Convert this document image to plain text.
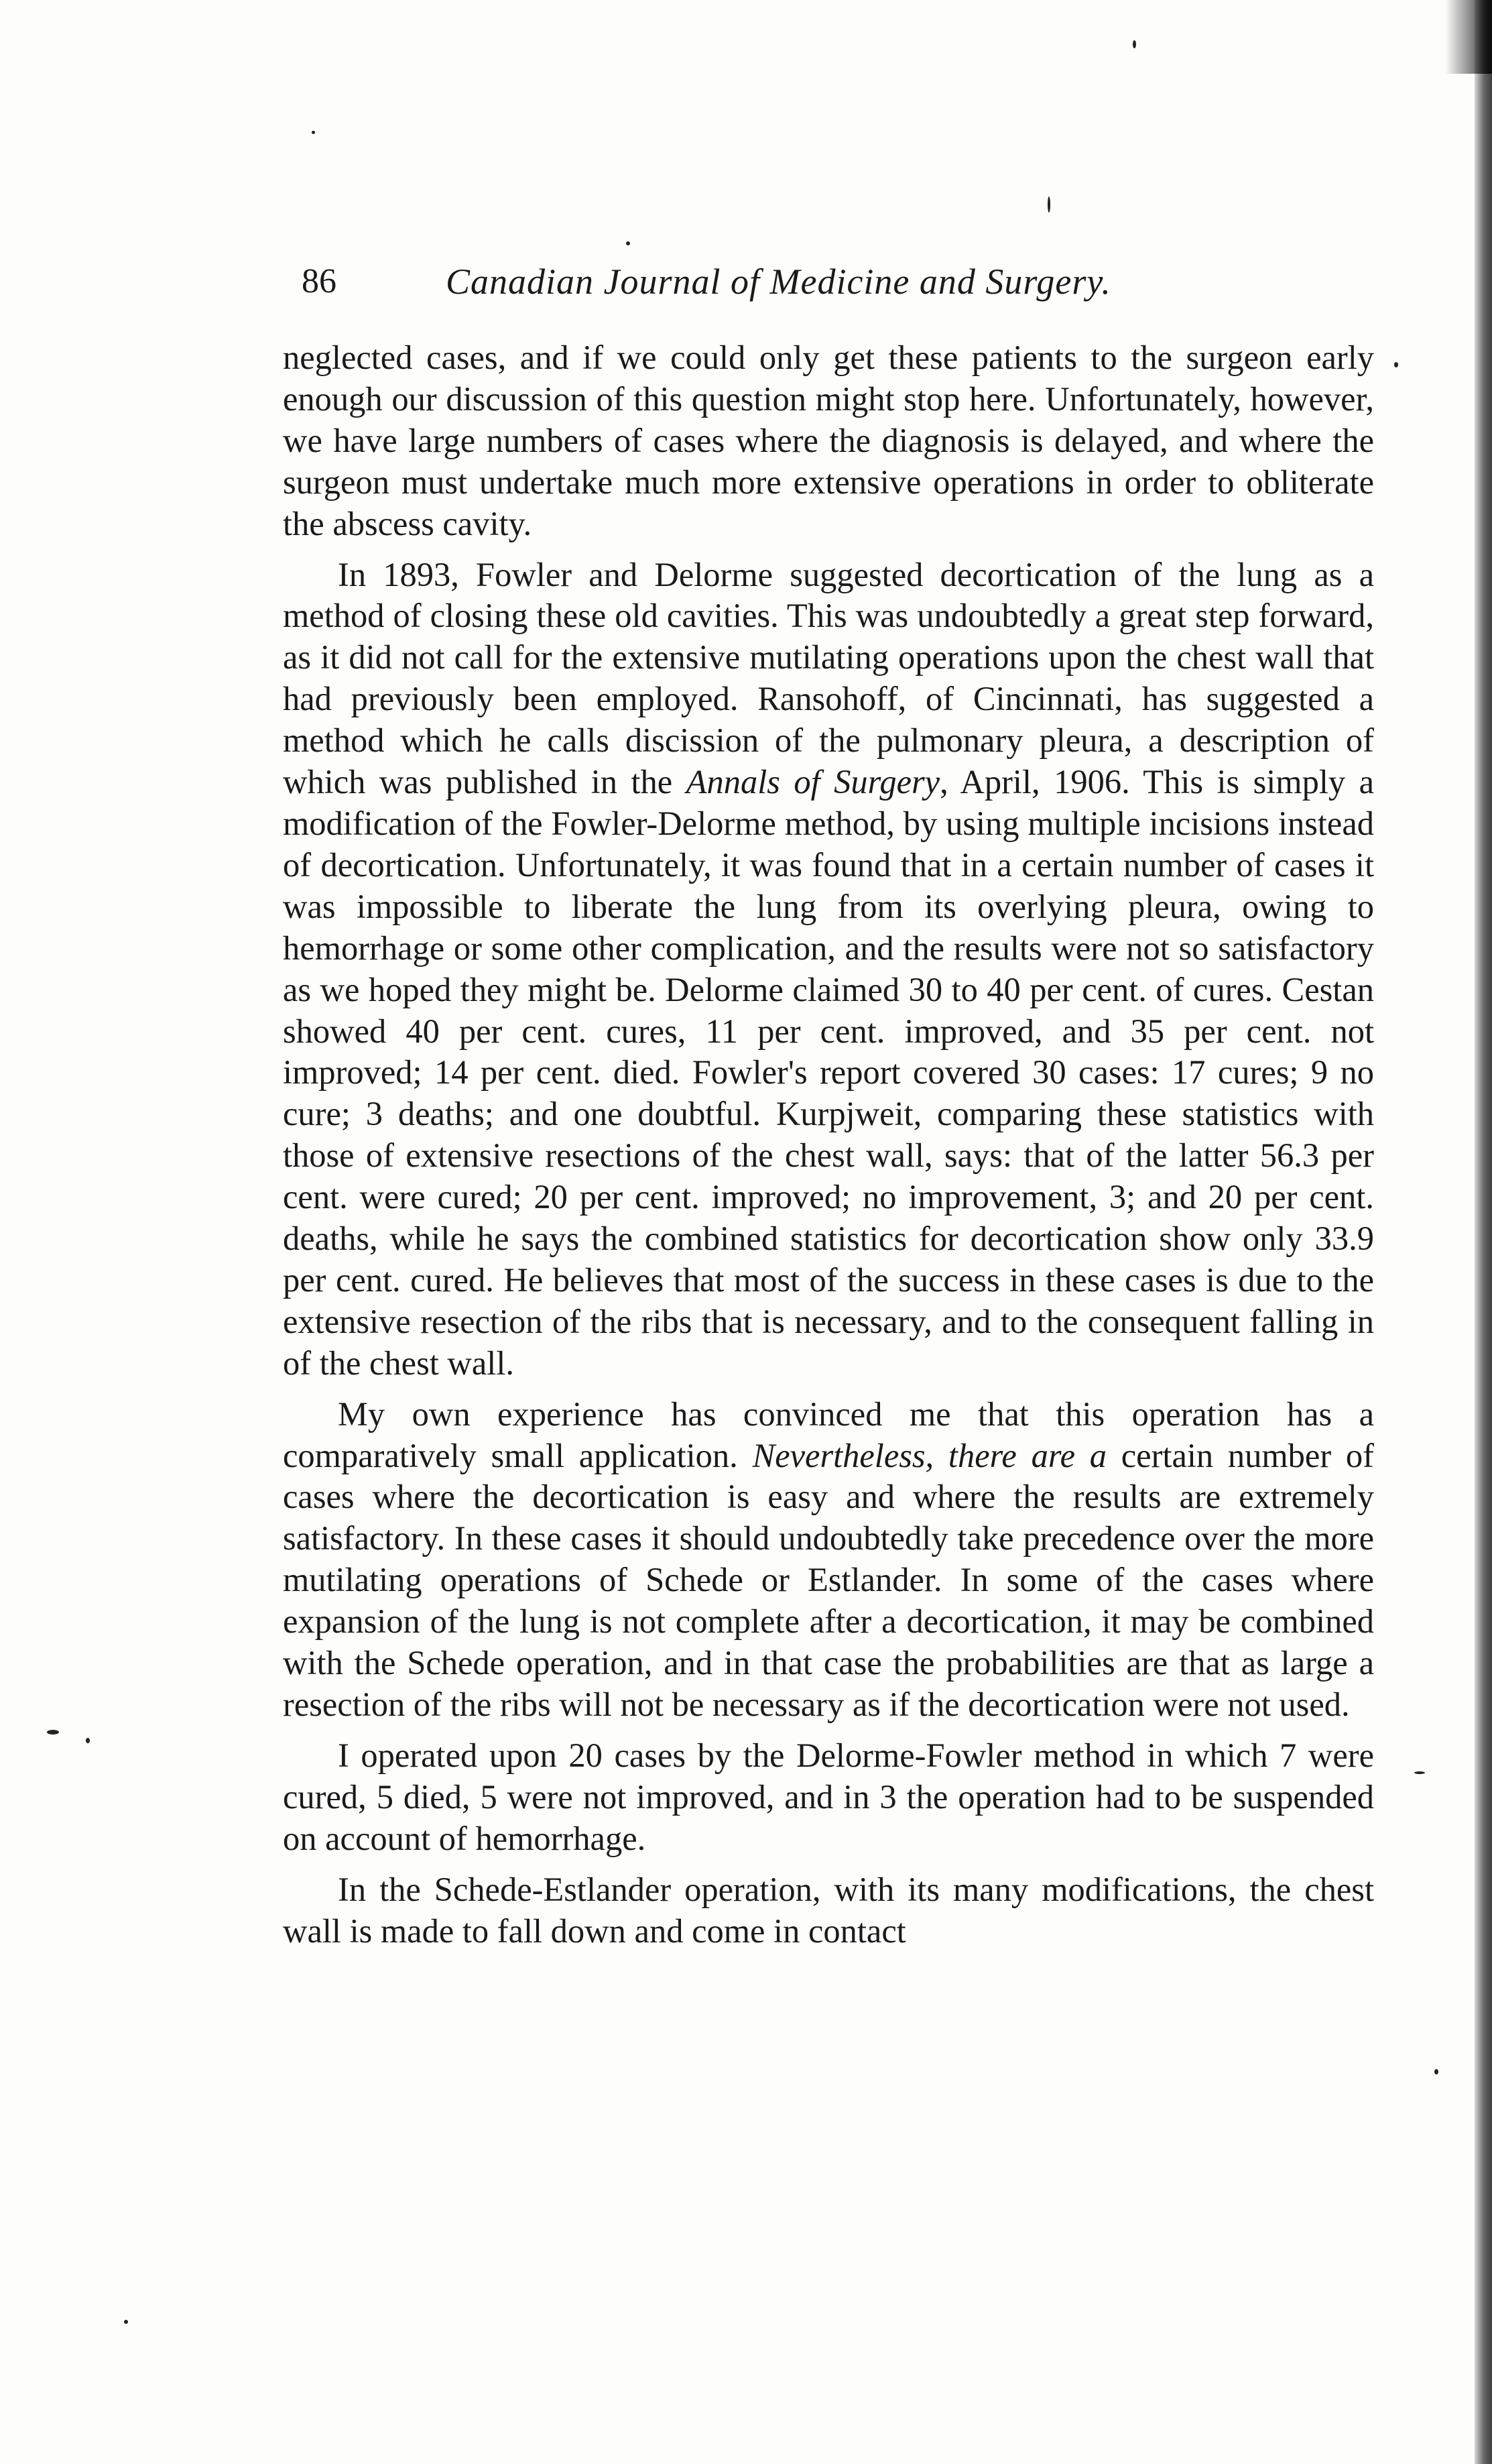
86	Canadian Journal of Medicine and Surgery.

neglected cases, and if we could only get these patients to the surgeon early enough our discussion of this question might stop here. Unfortunately, however, we have large numbers of cases where the diagnosis is delayed, and where the surgeon must undertake much more extensive operations in order to obliterate the abscess cavity.

In 1893, Fowler and Delorme suggested decortication of the lung as a method of closing these old cavities. This was undoubtedly a great step forward, as it did not call for the extensive mutilating operations upon the chest wall that had previously been employed. Ransohoff, of Cincinnati, has suggested a method which he calls discission of the pulmonary pleura, a description of which was published in the Annals of Surgery, April, 1906. This is simply a modification of the Fowler-Delorme method, by using multiple incisions instead of decortication. Unfortunately, it was found that in a certain number of cases it was impossible to liberate the lung from its overlying pleura, owing to hemorrhage or some other complication, and the results were not so satisfactory as we hoped they might be. Delorme claimed 30 to 40 per cent. of cures. Cestan showed 40 per cent. cures, 11 per cent. improved, and 35 per cent. not improved; 14 per cent. died. Fowler's report covered 30 cases: 17 cures; 9 no cure; 3 deaths; and one doubtful. Kurpjweit, comparing these statistics with those of extensive resections of the chest wall, says: that of the latter 56.3 per cent. were cured; 20 per cent. improved; no improvement, 3; and 20 per cent. deaths, while he says the combined statistics for decortication show only 33.9 per cent. cured. He believes that most of the success in these cases is due to the extensive resection of the ribs that is necessary, and to the consequent falling in of the chest wall.

My own experience has convinced me that this operation has a comparatively small application. Nevertheless, there are a certain number of cases where the decortication is easy and where the results are extremely satisfactory. In these cases it should undoubtedly take precedence over the more mutilating operations of Schede or Estlander. In some of the cases where expansion of the lung is not complete after a decortication, it may be combined with the Schede operation, and in that case the probabilities are that as large a resection of the ribs will not be necessary as if the decortication were not used.

I operated upon 20 cases by the Delorme-Fowler method in which 7 were cured, 5 died, 5 were not improved, and in 3 the operation had to be suspended on account of hemorrhage.

In the Schede-Estlander operation, with its many modifications, the chest wall is made to fall down and come in contact
